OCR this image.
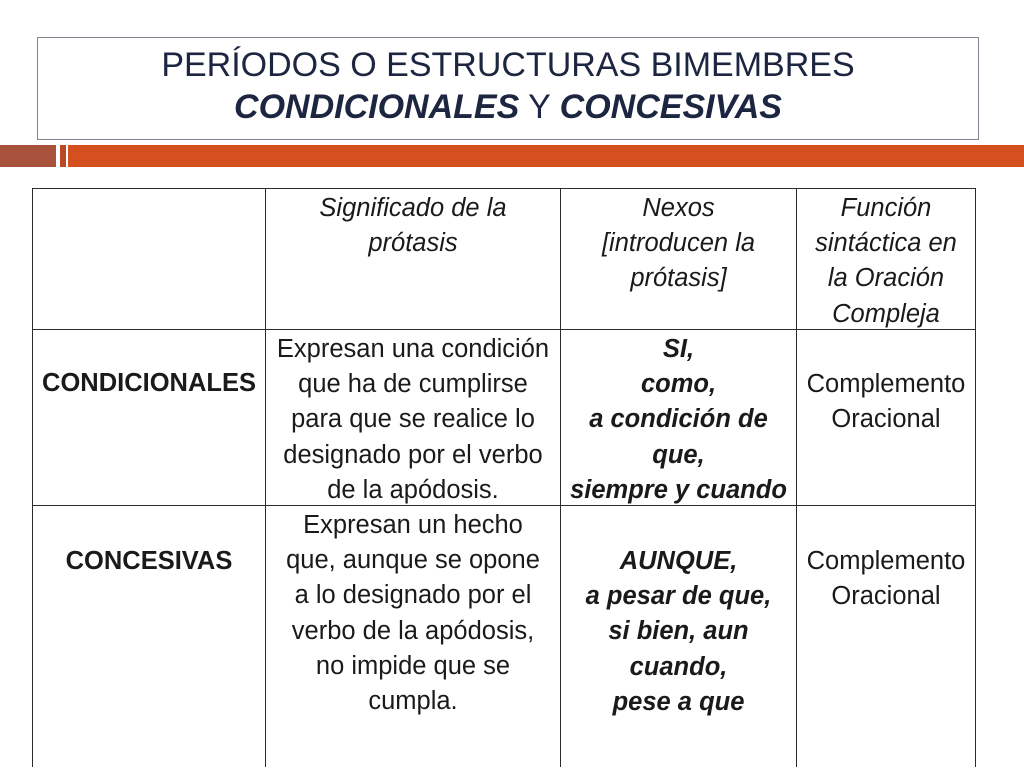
PERÍODOS O ESTRUCTURAS BIMEMBRES
CONDICIONALES Y CONCESIVAS
Significado de la
prótasis
Nexos
[introducen la
prótasis]
Función
sintáctica en
la Oración
Compleja
CONDICIONALES
Expresan una condición
que ha de cumplirse
para que se realice lo
designado por el verbo
de la apódosis.
SI,
como,
a condición de
que,
siempre y cuando
Complemento
Oracional
CONCESIVAS
Expresan un hecho
que, aunque se opone
a lo designado por el
verbo de la apódosis,
no impide que se
cumpla.
AUNQUE,
a pesar de que,
si bien, aun
cuando,
pese a que
Complemento
Oracional
